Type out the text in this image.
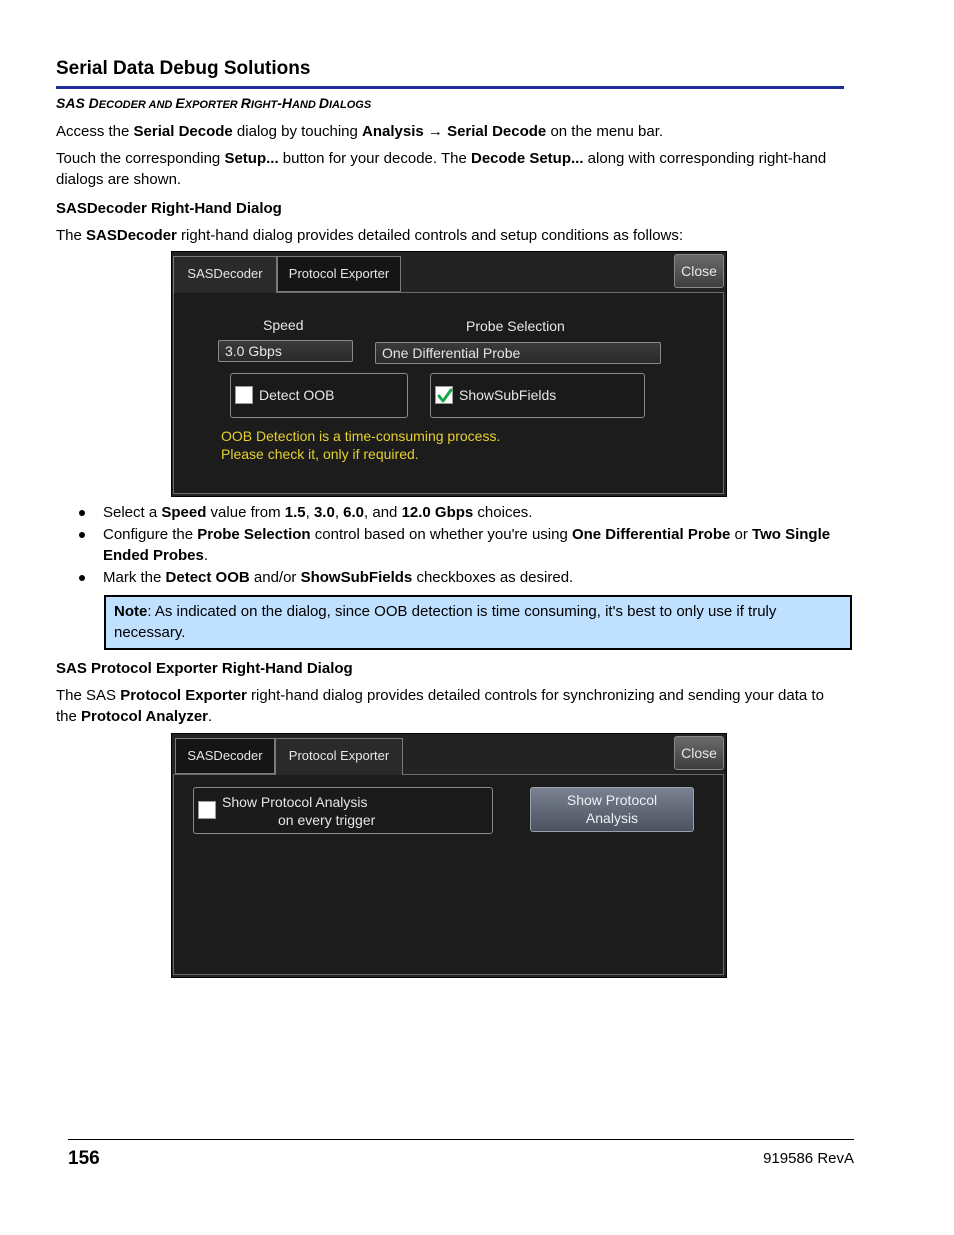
Serial Data Debug Solutions
SAS DECODER AND EXPORTER RIGHT-HAND DIALOGS
Access the Serial Decode dialog by touching Analysis → Serial Decode on the menu bar.
Touch the corresponding Setup... button for your decode. The Decode Setup... along with corresponding right-hand dialogs are shown.
SASDecoder Right-Hand Dialog
The SASDecoder right-hand dialog provides detailed controls and setup conditions as follows:
SASDecoder	Protocol Exporter	Close
Speed
3.0 Gbps
Probe Selection
One Differential Probe
Detect OOB	ShowSubFields
OOB Detection is a time-consuming process.
Please check it, only if required.
Select a Speed value from 1.5, 3.0, 6.0, and 12.0 Gbps choices.
Configure the Probe Selection control based on whether you're using One Differential Probe or Two Single Ended Probes.
Mark the Detect OOB and/or ShowSubFields checkboxes as desired.
Note: As indicated on the dialog, since OOB detection is time consuming, it's best to only use if truly necessary.
SAS Protocol Exporter Right-Hand Dialog
The SAS Protocol Exporter right-hand dialog provides detailed controls for synchronizing and sending your data to the Protocol Analyzer.
SASDecoder	Protocol Exporter	Close
Show Protocol Analysis
on every trigger
Show Protocol
Analysis
156	919586 RevA
